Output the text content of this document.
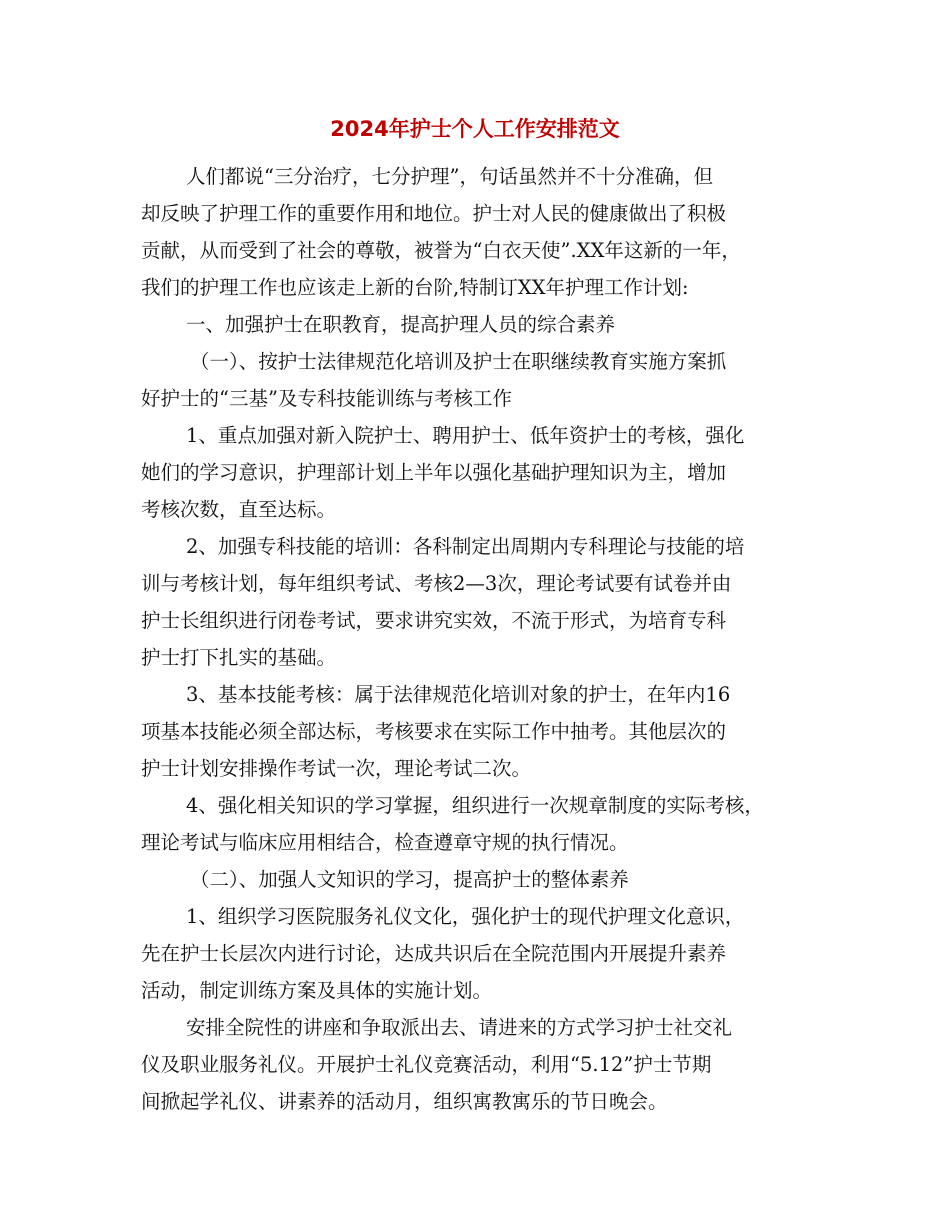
2024年护士个人工作安排范文
人们都说“三分治疗，七分护理”，句话虽然并不十分准确，但
却反映了护理工作的重要作用和地位。护士对人民的健康做出了积极
贡献，从而受到了社会的尊敬，被誉为“白衣天使”.XX年这新的一年，
我们的护理工作也应该走上新的台阶,特制订XX年护理工作计划:
一、加强护士在职教育，提高护理人员的综合素养
（一）、按护士法律规范化培训及护士在职继续教育实施方案抓
好护士的“三基”及专科技能训练与考核工作
1、重点加强对新入院护士、聘用护士、低年资护士的考核，强化
她们的学习意识，护理部计划上半年以强化基础护理知识为主，增加
考核次数，直至达标。
2、加强专科技能的培训：各科制定出周期内专科理论与技能的培
训与考核计划，每年组织考试、考核2—3次，理论考试要有试卷并由
护士长组织进行闭卷考试，要求讲究实效，不流于形式，为培育专科
护士打下扎实的基础。
3、基本技能考核：属于法律规范化培训对象的护士，在年内16
项基本技能必须全部达标，考核要求在实际工作中抽考。其他层次的
护士计划安排操作考试一次，理论考试二次。
4、强化相关知识的学习掌握，组织进行一次规章制度的实际考核，
理论考试与临床应用相结合，检查遵章守规的执行情况。
（二）、加强人文知识的学习，提高护士的整体素养
1、组织学习医院服务礼仪文化，强化护士的现代护理文化意识，
先在护士长层次内进行讨论，达成共识后在全院范围内开展提升素养
活动，制定训练方案及具体的实施计划。
安排全院性的讲座和争取派出去、请进来的方式学习护士社交礼
仪及职业服务礼仪。开展护士礼仪竞赛活动，利用“5.12”护士节期
间掀起学礼仪、讲素养的活动月，组织寓教寓乐的节日晚会。
